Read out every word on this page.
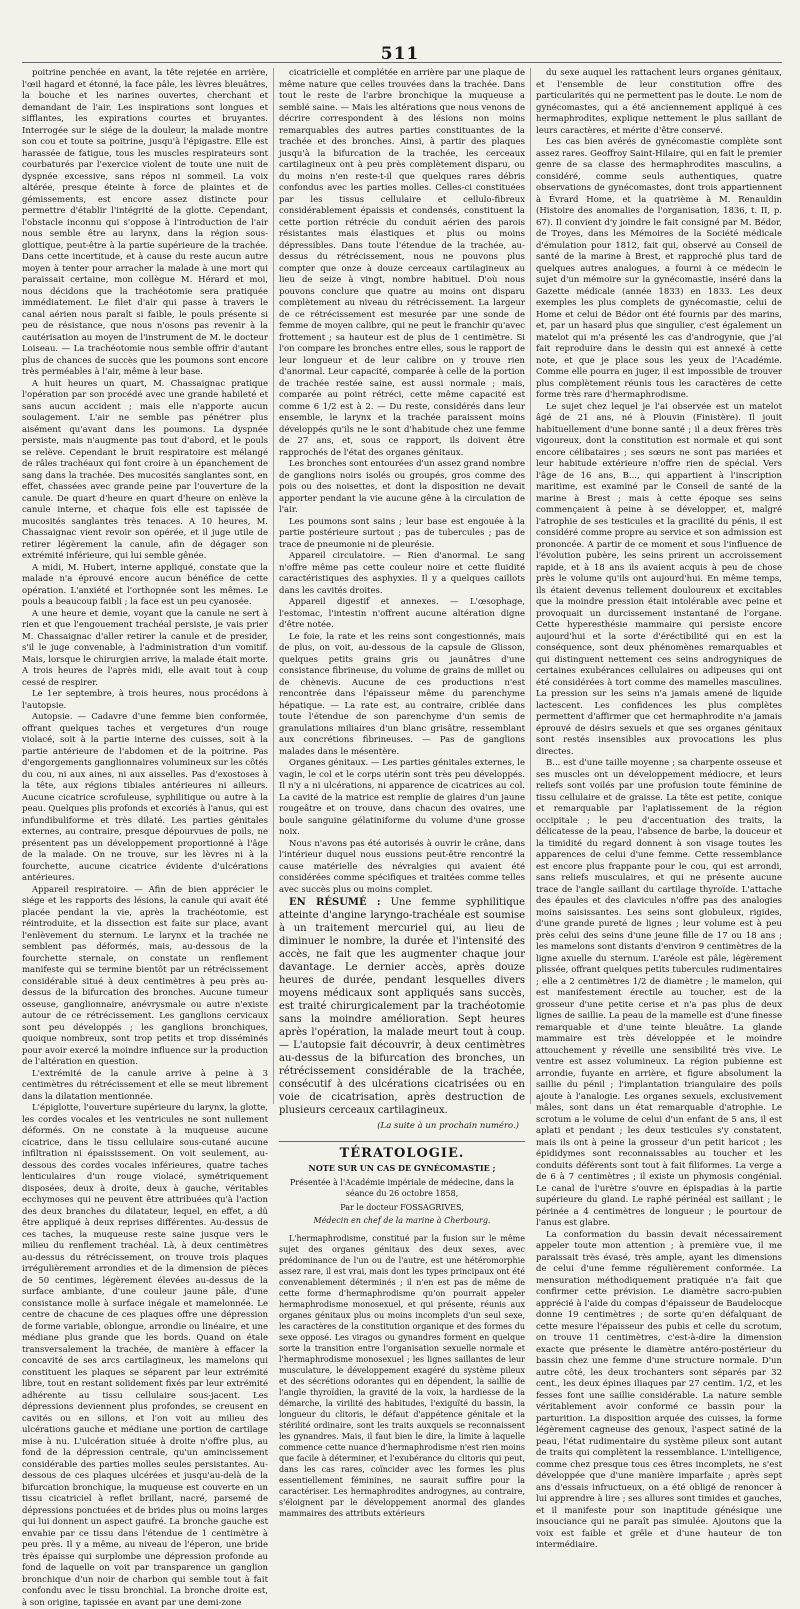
511

poitrine penchée en avant, la tête rejetée en arrière, l'œil hagard et étonné, la face pâle, les lèvres bleuâtres, la bouche et les narines ouvertes, cherchant et demandant de l'air. Les inspirations sont longues et sifflantes, les expirations courtes et bruyantes. Interrogée sur le siége de la douleur, la malade montre son cou et toute sa poitrine, jusqu'à l'épigastre. Elle est harassée de fatigue, tous les muscles respirateurs sont courbaturés par l'exercice violent de toute une nuit de dyspnée excessive, sans répos ni sommeil. La voix altérée, presque éteinte à force de plaintes et de gémissements, est encore assez distincte pour permettre d'établir l'intégrité de la glotte. Cependant, l'obstacle inconnu qui s'oppose à l'introduction de l'air nous semble être au larynx, dans la région sous-glottique, peut-être à la partie supérieure de la trachée. Dans cette incertitude, et à cause du reste aucun autre moyen à tenter pour arracher la malade à une mort qui paraissait certaine, mon collègue M. Hérard et moi, nous décidons que la trachéotomie sera pratiquée immédiatement. Le filet d'air qui passe à travers le canal aérien nous paraît si faible, le pouls présente si peu de résistance, que nous n'osons pas revenir à la cautérisation au moyen de l'instrument de M. le docteur Loiseau. — La trachéotomie nous semble offrir d'autant plus de chances de succès que les poumons sont encore très perméables à l'air, même à leur base.

A huit heures un quart, M. Chassaignac pratique l'opération par son procédé avec une grande habileté et sans aucun accident ; mais elle n'apporte aucun soulagement. L'air ne semble pas pénétrer plus aisément qu'avant dans les poumons. La dyspnée persiste, mais n'augmente pas tout d'abord, et le pouls se relève. Cependant le bruit respiratoire est mélangé de râles trachéaux qui font croire à un épanchement de sang dans la trachée. Des mucosités sanglantes sont, en effet, chassées avec grande peine par l'ouverture de la canule. De quart d'heure en quart d'heure on enlève la canule interne, et chaque fois elle est tapissée de mucosités sanglantes très tenaces. A 10 heures, M. Chassaignac vient revoir son opérée, et il juge utile de retirer légèrement la canule, afin de dégager son extrémité inférieure, qui lui semble gênée.

A midi, M. Hubert, interne appliqué, constate que la malade n'a éprouvé encore aucun bénéfice de cette opération. L'anxiété et l'orthopnée sont les mêmes. Le pouls a beaucoup faibli ; la face est un peu cyanosée.

A une heure et demie, voyant que la canule ne sert à rien et que l'engouement trachéal persiste, je vais prier M. Chassaignac d'aller retirer la canule et de presider, s'il le juge convenable, à l'administration d'un vomitif. Mais, lorsque le chirurgien arrive, la malade était morte. A trois heures de l'après midi, elle avait tout à coup cessé de respirer.

Le 1er septembre, à trois heures, nous procédons à l'autopsie.

Autopsie. — Cadavre d'une femme bien conformée, offrant quelques taches et vergetures d'un rouge violacé, soit à la partie interne des cuisses, soit à la partie antérieure de l'abdomen et de la poitrine. Pas d'engorgements ganglionnaires volumineux sur les côtés du cou, ni aux aines, ni aux aisselles. Pas d'exostoses à la tête, aux régions tibiales antérieures ni ailleurs. Aucune cicatrice scrofuleuse, syphilitique ou autre à la peau. Quelques plis profonds et excoriés à l'anus, qui est infundibuliforme et très dilaté. Les parties génitales externes, au contraire, presque dépourvues de poils, ne présentent pas un développement proportionné à l'âge de la malade. On ne trouve, sur les lèvres ni à la fourchette, aucune cicatrice évidente d'ulcérations antérieures.

Appareil respiratoire. — Afin de bien apprécier le siége et les rapports des lésions, la canule qui avait été placée pendant la vie, après la trachéotomie, est réintroduite, et la dissection est faite sur place, avant l'enlèvement du sternum. Le larynx et la trachée ne semblent pas déformés, mais, au-dessous de la fourchette sternale, on constate un renflement manifeste qui se termine bientôt par un rétrécissement considérable situé à deux centimètres à peu près au-dessus de la bifurcation des bronches. Aucune tumeur osseuse, ganglionnaire, anévrysmale ou autre n'existe autour de ce rétrécissement. Les ganglions cervicaux sont peu développés ; les ganglions bronchiques, quoique nombreux, sont trop petits et trop disséminés pour avoir exercé la moindre influence sur la production de l'altération en question.

L'extrémité de la canule arrive à peine à 3 centimètres du rétrécissement et elle se meut librement dans la dilatation mentionnée.

L'épiglotte, l'ouverture supérieure du larynx, la glotte, les cordes vocales et les ventricules ne sont nullement déformés. On ne constate à la muqueuse aucune cicatrice, dans le tissu cellulaire sous-cutané aucune infiltration ni épaississement. On voit seulement, au-dessous des cordes vocales inférieures, quatre taches lenticulaires d'un rouge violacé, symétriquement disposées, deux à droite, deux à gauche, véritables ecchymoses qui ne peuvent être attribuées qu'à l'action des deux branches du dilatateur, lequel, en effet, a dû être appliqué à deux reprises différentes. Au-dessus de ces taches, la muqueuse reste saine jusque vers le milieu du renflement trachéal. Là, à deux centimètres au-dessus du rétrécissement, on trouve trois plaques irrégulièrement arrondies et de la dimension de pièces de 50 centimes, légèrement élevées au-dessus de la surface ambiante, d'une couleur jaune pâle, d'une consistance molle à surface inégale et mamelonnée. Le centre de chacune de ces plaques offre une dépression de forme variable, oblongue, arrondie ou linéaire, et une médiane plus grande que les bords. Quand on étale transversalement la trachée, de manière à effacer la concavité de ses arcs cartilagineux, les mamelons qui constituent les plaques se séparent par leur extrémité libre, tout en restant solidement fixés par leur extrémité adhérente au tissu cellulaire sous-jacent. Les dépressions deviennent plus profondes, se creusent en cavités ou en sillons, et l'on voit au milieu des ulcérations gauche et médiane une portion de cartilage mise à nu. L'ulcération située à droite n'offre plus, au fond de la dépression centrale, qu'un amincissement considérable des parties molles seules persistantes. Au-dessous de ces plaques ulcérées et jusqu'au-delà de la bifurcation bronchique, la muqueuse est couverte en un tissu cicatriciel à reflet brillant, nacré, parsemé de dépressions ponctuées et de brides plus ou moins larges qui lui donnent un aspect gaufré. La bronche gauche est envahie par ce tissu dans l'étendue de 1 centimètre à peu près. Il y a même, au niveau de l'éperon, une bride très épaisse qui surplombe une dépression profonde au fond de laquelle on voit par transparence un ganglion bronchique d'un noir de charbon qui semble tout à fait confondu avec le tissu bronchial. La bronche droite est, à son origine, tapissée en avant par une demi-zone

cicatricielle et complétée en arrière par une plaque de même nature que celles trouvées dans la trachée. Dans tout le reste de l'arbre bronchique la muqueuse a semblé saine. — Mais les altérations que nous venons de décrire correspondent à des lésions non moins remarquables des autres parties constituantes de la trachée et des bronches. Ainsi, à partir des plaques jusqu'à la bifurcation de la trachée, les cerceaux cartilagineux ont à peu près complètement disparu, ou du moins n'en reste-t-il que quelques rares débris confondus avec les parties molles. Celles-ci constituées par les tissus cellulaire et cellulo-fibreux considérablement épaissis et condensés, constituent la cette portion rétrécie du conduit aérien des parois résistantes mais élastiques et plus ou moins dépressibles. Dans toute l'étendue de la trachée, au-dessus du rétrécissement, nous ne pouvons plus compter que onze à douze cerceaux cartilagineux au lieu de seize à vingt, nombre habituel. D'où nous pouvons conclure que quatre au moins ont disparu complètement au niveau du rétrécissement. La largeur de ce rétrécissement est mesurée par une sonde de femme de moyen calibre, qui ne peut le franchir qu'avec frottement ; sa hauteur est de plus de 1 centimètre. Si l'on compare les bronches entre elles, sous le rapport de leur longueur et de leur calibre on y trouve rien d'anormal. Leur capacité, comparée à celle de la portion de trachée restée saine, est aussi normale ; mais, comparée au point rétréci, cette même capacité est comme 6 1/2 est à 2. — Du reste, considérés dans leur ensemble, le larynx et la trachée paraissent moins développés qu'ils ne le sont d'habitude chez une femme de 27 ans, et, sous ce rapport, ils doivent être rapprochés de l'état des organes génitaux.

Les bronches sont entourées d'un assez grand nombre de ganglions noirs isolés ou groupés, gros comme des pois ou des noisettes, et dont la disposition ne devait apporter pendant la vie aucune gêne à la circulation de l'air.

Les poumons sont sains ; leur base est engouée à la partie postérieure surtout ; pas de tubercules ; pas de trace de pneumonie ni de pleurésie.

Appareil circulatoire. — Rien d'anormal. Le sang n'offre même pas cette couleur noire et cette fluidité caractéristiques des asphyxies. Il y a quelques caillots dans les cavités droites.

Appareil digestif et annexes. — L'œsophage, l'estomac, l'intestin n'offrent aucune altération digne d'être notée.

Le foie, la rate et les reins sont congestionnés, mais de plus, on voit, au-dessous de la capsule de Glisson, quelques petits grains gris ou jaunâtres d'une consistance fibrineuse, du volume de grains de millet ou de chènevis. Aucune de ces productions n'est rencontrée dans l'épaisseur même du parenchyme hépatique. — La rate est, au contraire, criblée dans toute l'étendue de son parenchyme d'un semis de granulations miliaires d'un blanc grisâtre, ressemblant aux concrétions fibrineuses. — Pas de ganglions malades dans le mésentère.

Organes génitaux. — Les parties génitales externes, le vagin, le col et le corps utérin sont très peu développés. Il n'y a ni ulcérations, ni apparence de cicatrices au col. La cavité de la matrice est remplie de glaires d'un jaune rougeâtre et on trouve, dans chacun des ovaires, une boule sanguine gélatiniforme du volume d'une grosse noix.

Nous n'avons pas été autorisés à ouvrir le crâne, dans l'intérieur duquel nous eussions peut-être rencontré la cause matérielle des névralgies qui avaient été considérées comme spécifiques et traitées comme telles avec succès plus ou moins complet.

EN RÉSUMÉ : Une femme syphilitique atteinte d'angine laryngo-trachéale est soumise à un traitement mercuriel qui, au lieu de diminuer le nombre, la durée et l'intensité des accès, ne fait que les augmenter chaque jour davantage. Le dernier accès, après douze heures de durée, pendant lesquelles divers moyens médicaux sont appliqués sans succès, est traité chirurgicalement par la trachéotomie sans la moindre amélioration. Sept heures après l'opération, la malade meurt tout à coup. — L'autopsie fait découvrir, à deux centimètres au-dessus de la bifurcation des bronches, un rétrécissement considérable de la trachée, consécutif à des ulcérations cicatrisées ou en voie de cicatrisation, après destruction de plusieurs cerceaux cartilagineux.

(La suite à un prochain numéro.)
TÉRATOLOGIE.
NOTE SUR UN CAS DE GYNÉCOMASTIE ;
Présentée à l'Académie impériale de médecine, dans la séance du 26 octobre 1858,
Par le docteur FOSSAGRIVES,
Médecin en chef de la marine à Cherbourg.

L'hermaphrodisme, constitué par la fusion sur le même sujet des organes génitaux des deux sexes, avec prédominance de l'un ou de l'autre, est une hétéromorphie assez rare, il est vrai, mais dont les types principaux ont été convenablement déterminés ; il n'en est pas de même de cette forme d'hermaphrodisme qu'on pourrait appeler hermaphrodisme monosexuel, et qui présente, réunis aux organes génitaux plus ou moins incomplets d'un seul sexe, les caractères de la constitution organique et des formes du sexe opposé. Les viragos ou gynandres forment en quelque sorte la transition entre l'organisation sexuelle normale et l'hermaphrodisme monosexuel ; les lignes saillantes de leur musculature, le développement exagéré du système pileux et des sécrétions odorantes qui en dépendent, la saillie de l'angle thyroïdien, la gravité de la voix, la hardiesse de la démarche, la virilité des habitudes, l'exiguïté du bassin, la longueur du clitoris, le défaut d'appétence génitale et la stérilité ordinaire, sont les traits auxquels se reconnaissent les gynandres. Mais, il faut bien le dire, la limite à laquelle commence cette nuance d'hermaphrodisme n'est rien moins que facile à déterminer, et l'exubérance du clitoris qui peut, dans les cas rares, coïncider avec les formes les plus essentiellement féminines, ne saurait suffire pour la caractériser. Les hermaphrodites androgynes, au contraire, s'éloignent par le développement anormal des glandes mammaires des attributs extérieurs

du sexe auquel les rattachent leurs organes génitaux, et l'ensemble de leur constitution offre des particularités qui ne permettent pas le doute. Le nom de gynécomastes, qui a été anciennement appliqué à ces hermaphrodites, explique nettement le plus saillant de leurs caractères, et mérite d'être conservé.

Les cas bien avérés de gynécomastie complète sont assez rares. Geoffroy Saint-Hilaire, qui en fait le premier genre de sa classe des hermaphrodites masculins, a considéré, comme seuls authentiques, quatre observations de gynécomastes, dont trois appartiennent à Évrard Home, et la quatrième à M. Renauldin (Histoire des anomalies de l'organisation, 1836, t. II, p. 67). Il convient d'y joindre le fait consigné par M. Bédor, de Troyes, dans les Mémoires de la Société médicale d'émulation pour 1812, fait qui, observé au Conseil de santé de la marine à Brest, et rapproché plus tard de quelques autres analogues, a fourni à ce médecin le sujet d'un mémoire sur la gynécomastie, inséré dans la Gazette médicale (année 1833) en 1833. Les deux exemples les plus complets de gynécomastie, celui de Home et celui de Bédor ont été fournis par des marins, et, par un hasard plus que singulier, c'est également un matelot qui m'a présenté les cas d'androgynie, que j'ai fait reproduire dans le dessin qui est annexé à cette note, et que je place sous les yeux de l'Académie. Comme elle pourra en juger, il est impossible de trouver plus complètement réunis tous les caractères de cette forme très rare d'hermaphrodisme.

Le sujet chez lequel je l'ai observée est un matelot âgé de 21 ans, né à Plouvin (Finistère). Il jouit habituellement d'une bonne santé ; il a deux frères très vigoureux, dont la constitution est normale et qui sont encore célibataires ; ses sœurs ne sont pas mariées et leur habitude extérieure n'offre rien de spécial. Vers l'âge de 16 ans, B..., qui appartient à l'inscription maritime, est examiné par le Conseil de santé de la marine à Brest ; mais à cette époque ses seins commençaient à peine à se développer, et, malgré l'atrophie de ses testicules et la gracilité du pénis, il est considéré comme propre au service et son admission est prononcée. A partir de ce moment et sous l'influence de l'évolution pubère, les seins prirent un accroissement rapide, et à 18 ans ils avaient acquis à peu de chose près le volume qu'ils ont aujourd'hui. En même temps, ils étaient devenus tellement douloureux et excitables que la moindre pression était intolérable avec peine et provoquait un durcissement instantané de l'organe. Cette hyperesthésie mammaire qui persiste encore aujourd'hui et la sorte d'éréctibilité qui en est la conséquence, sont deux phénomènes remarquables et qui distinguent nettement ces seins androgyniques de certaines exubérances cellulaires ou adipeuses qui ont été considérées à tort comme des mamelles masculines. La pression sur les seins n'a jamais amené de liquide lactescent. Les confidences les plus complètes permettent d'affirmer que cet hermaphrodite n'a jamais éprouvé de désirs sexuels et que ses organes génitaux sont restés insensibles aux provocations les plus directes.

B... est d'une taille moyenne ; sa charpente osseuse et ses muscles ont un développement médiocre, et leurs reliefs sont voilés par une profusion toute féminine de tissu cellulaire et de graisse. La tête est petite, conique et remarquable par l'aplatissement de la région occipitale ; le peu d'accentuation des traits, la délicatesse de la peau, l'absence de barbe, la douceur et la timidité du regard donnent à son visage toutes les apparences de celui d'une femme. Cette ressemblance est encore plus frappante pour le cou, qui est arrondi, sans reliefs musculaires, et qui ne présente aucune trace de l'angle saillant du cartilage thyroïde. L'attache des épaules et des clavicules n'offre pas des analogies moins saisissantes. Les seins sont globuleux, rigides, d'une grande pureté de lignes ; leur volume est à peu près celui des seins d'une jeune fille de 17 ou 18 ans ; les mamelons sont distants d'environ 9 centimètres de la ligne axuelle du sternum. L'aréole est pâle, légèrement plissée, offrant quelques petits tubercules rudimentaires ; elle a 2 centimètres 1/2 de diamètre ; le mamelon, qui est manifestement érectile au toucher, est de la grosseur d'une petite cerise et n'a pas plus de deux lignes de saillie. La peau de la mamelle est d'une finesse remarquable et d'une teinte bleuâtre. La glande mammaire est très développée et le moindre attouchement y réveille une sensibilité très vive. Le ventre est assez volumineux. La région pubienne est arrondie, fuyante en arrière, et figure absolument la saillie du pénil ; l'implantation triangulaire des poils ajoute à l'analogie. Les organes sexuels, exclusivement mâles, sont dans un état remarquable d'atrophie. Le scrotum a le volume de celui d'un enfant de 5 ans, il est aplati et pendant ; les deux testicules s'y constatent, mais ils ont à peine la grosseur d'un petit haricot ; les épididymes sont reconnaissables au toucher et les conduits déférents sont tout à fait filiformes. La verge a de 6 à 7 centimètres ; il existe un phymosis congénial. Le canal de l'urètre s'ouvre en épispadias à la partie supérieure du gland. Le raphé périnéal est saillant ; le périnée a 4 centimètres de longueur ; le pourtour de l'anus est glabre.

La conformation du bassin devait nécessairement appeler toute mon attention ; à première vue, il me paraissait très évasé, très ample, ayant les dimensions de celui d'une femme régulièrement conformée. La mensuration méthodiquement pratiquée n'a fait que confirmer cette prévision. Le diamètre sacro-pubien apprécié à l'aide du compas d'épaisseur de Baudelocque donne 19 centimètres ; de sorte qu'en défalquant de cette mesure l'épaisseur des pubis et celle du scrotum, on trouve 11 centimètres, c'est-à-dire la dimension exacte que présente le diamètre antéro-postérieur du bassin chez une femme d'une structure normale. D'un autre côté, les deux trochanters sont séparés par 32 cent., les deux épines iliaques par 27 centim. 1/2, et les fesses font une saillie considérable. La nature semble véritablement avoir conformé ce bassin pour la parturition. La disposition arquée des cuisses, la forme légèrement cagneuse des genoux, l'aspect satiné de la peau, l'état rudimentaire du système pileux sont autant de traits qui complètent la ressemblance. L'intelligence, comme chez presque tous ces êtres incomplets, ne s'est développée que d'une manière imparfaite ; après sept ans d'essais infructueux, on a été obligé de renoncer à lui apprendre à lire ; ses allures sont timides et gauches, et il manifeste pour son inaptitude génésique une insouciance qui ne paraît pas simulée. Ajoutons que la voix est faible et grêle et d'une hauteur de ton intermédiaire.
